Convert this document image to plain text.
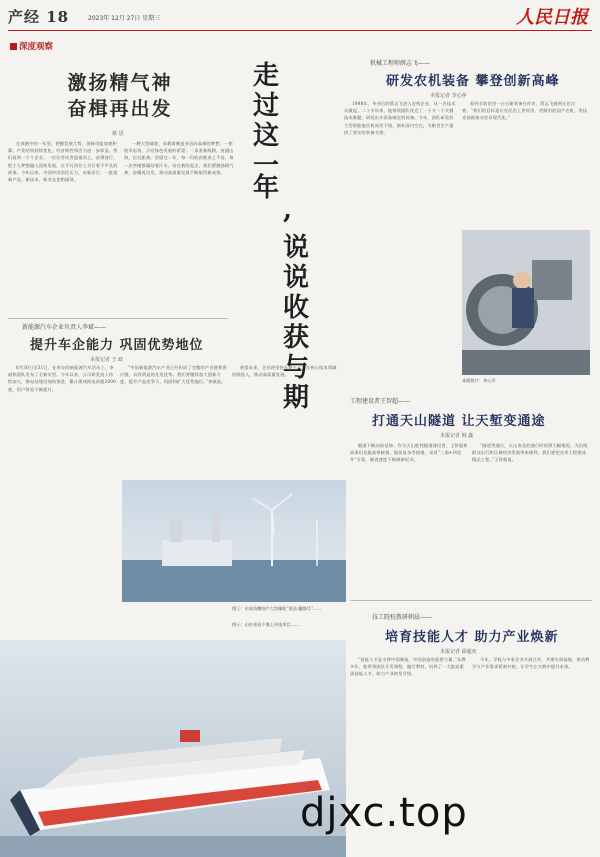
产经 18	2023年 12月 27日 星期三	人民日报
深度观察
激扬精气神
奋楫再出发
蔡 语
在奔跑中的一年里，把握发展大势，创新动能加速积累，产业结构持续优化，经济韧性和活力进一步彰显。我们看到一个个企业、一位位劳动者迎难而上，奋勇前行，把个人梦想融入国家发展，在平凡岗位上书写着不平凡的故事。今年以来，中国经济顶住压力，向新而行，一批批新产品、新技术、新业态竞相涌现。
一艘大型邮轮，承载着制造业迈向高端的梦想；一座座风电场，点亮绿色发展的希望；一条条新线路，连通山海，拉近距离。回望这一年，每一份收获都来之不易，每一次突破都凝结着汗水。站在新的起点，我们要激扬精气神，奋楫再出发，推动高质量发展不断取得新成效。
走
过
这
一
年
,
说
说
收
获
与
期
机械工程师薛志飞——
研发农机装备 攀登创新高峰
本报记者 李心萍
1998年，毕业后的薛志飞进入农机企业，从一名技术员做起。二十多年来，他带领团队攻克了一个又一个关键技术难题，研发出多款高端农机装备。今年，团队研发的大型智能拖拉机成功下线，填补国内空白，为粮食生产提供了坚实的装备支撑。
看到丰收田里一台台新装备在作业，薛志飞感到无比自豪。“我们的目标是让农民用上更好用、更耐用的国产农机，用技术创新推动农业现代化。”
本版照片：李心萍
新能源汽车企业负责人李斌——
提升车企能力 巩固优势地位
本报记者 王 政
8月30日至31日，在举办的新能源汽车活动上，李斌和团队发布了全新车型。今年以来，公司研发投入持续加大，换电站建设加快推进，累计建成换电站超2000座，用户体验不断提升。
“中国新能源汽车产业已经形成了完整的产业链和供应链，具有明显的先发优势。我们要继续加大创新力度，提升产品竞争力，巩固和扩大优势地位。”李斌说。
展望未来，企业将坚持长期主义，在核心技术领域持续投入，推动高质量发展。
图①：东部首艘国产大型邮轮“爱达·魔都号”……
图④：山东省首个海上风电项目……
工程建设者王智超——
打通天山隧道 让天堑变通途
本报记者 韩 鑫
隧道不断向前延伸。作为天山胜利隧道建设者，王智超和同事们克服高寒缺氧、地质复杂等困难，采用“三洞+四竖井”方案，掘进速度不断刷新纪录。
“隧道贯通后，天山南北的通行时间将大幅缩短，为沿线群众出行和区域经济发展带来便利。我们要把这项工程建成精品工程。”王智超说。
技工院校教研朝晨——
培育技能人才 助力产业焕新
本报记者 邱超奕
“技能人才是支撑中国制造、中国创造的重要力量。”从教多年，他带领团队开发课程、编写教材，培养了一大批高素质技能人才，助力产业转型升级。
今年，学校与多家企业开展合作，共建实训基地，推动教学与产业需求紧密对接，让学生在实践中提升本领。
djxc.top
